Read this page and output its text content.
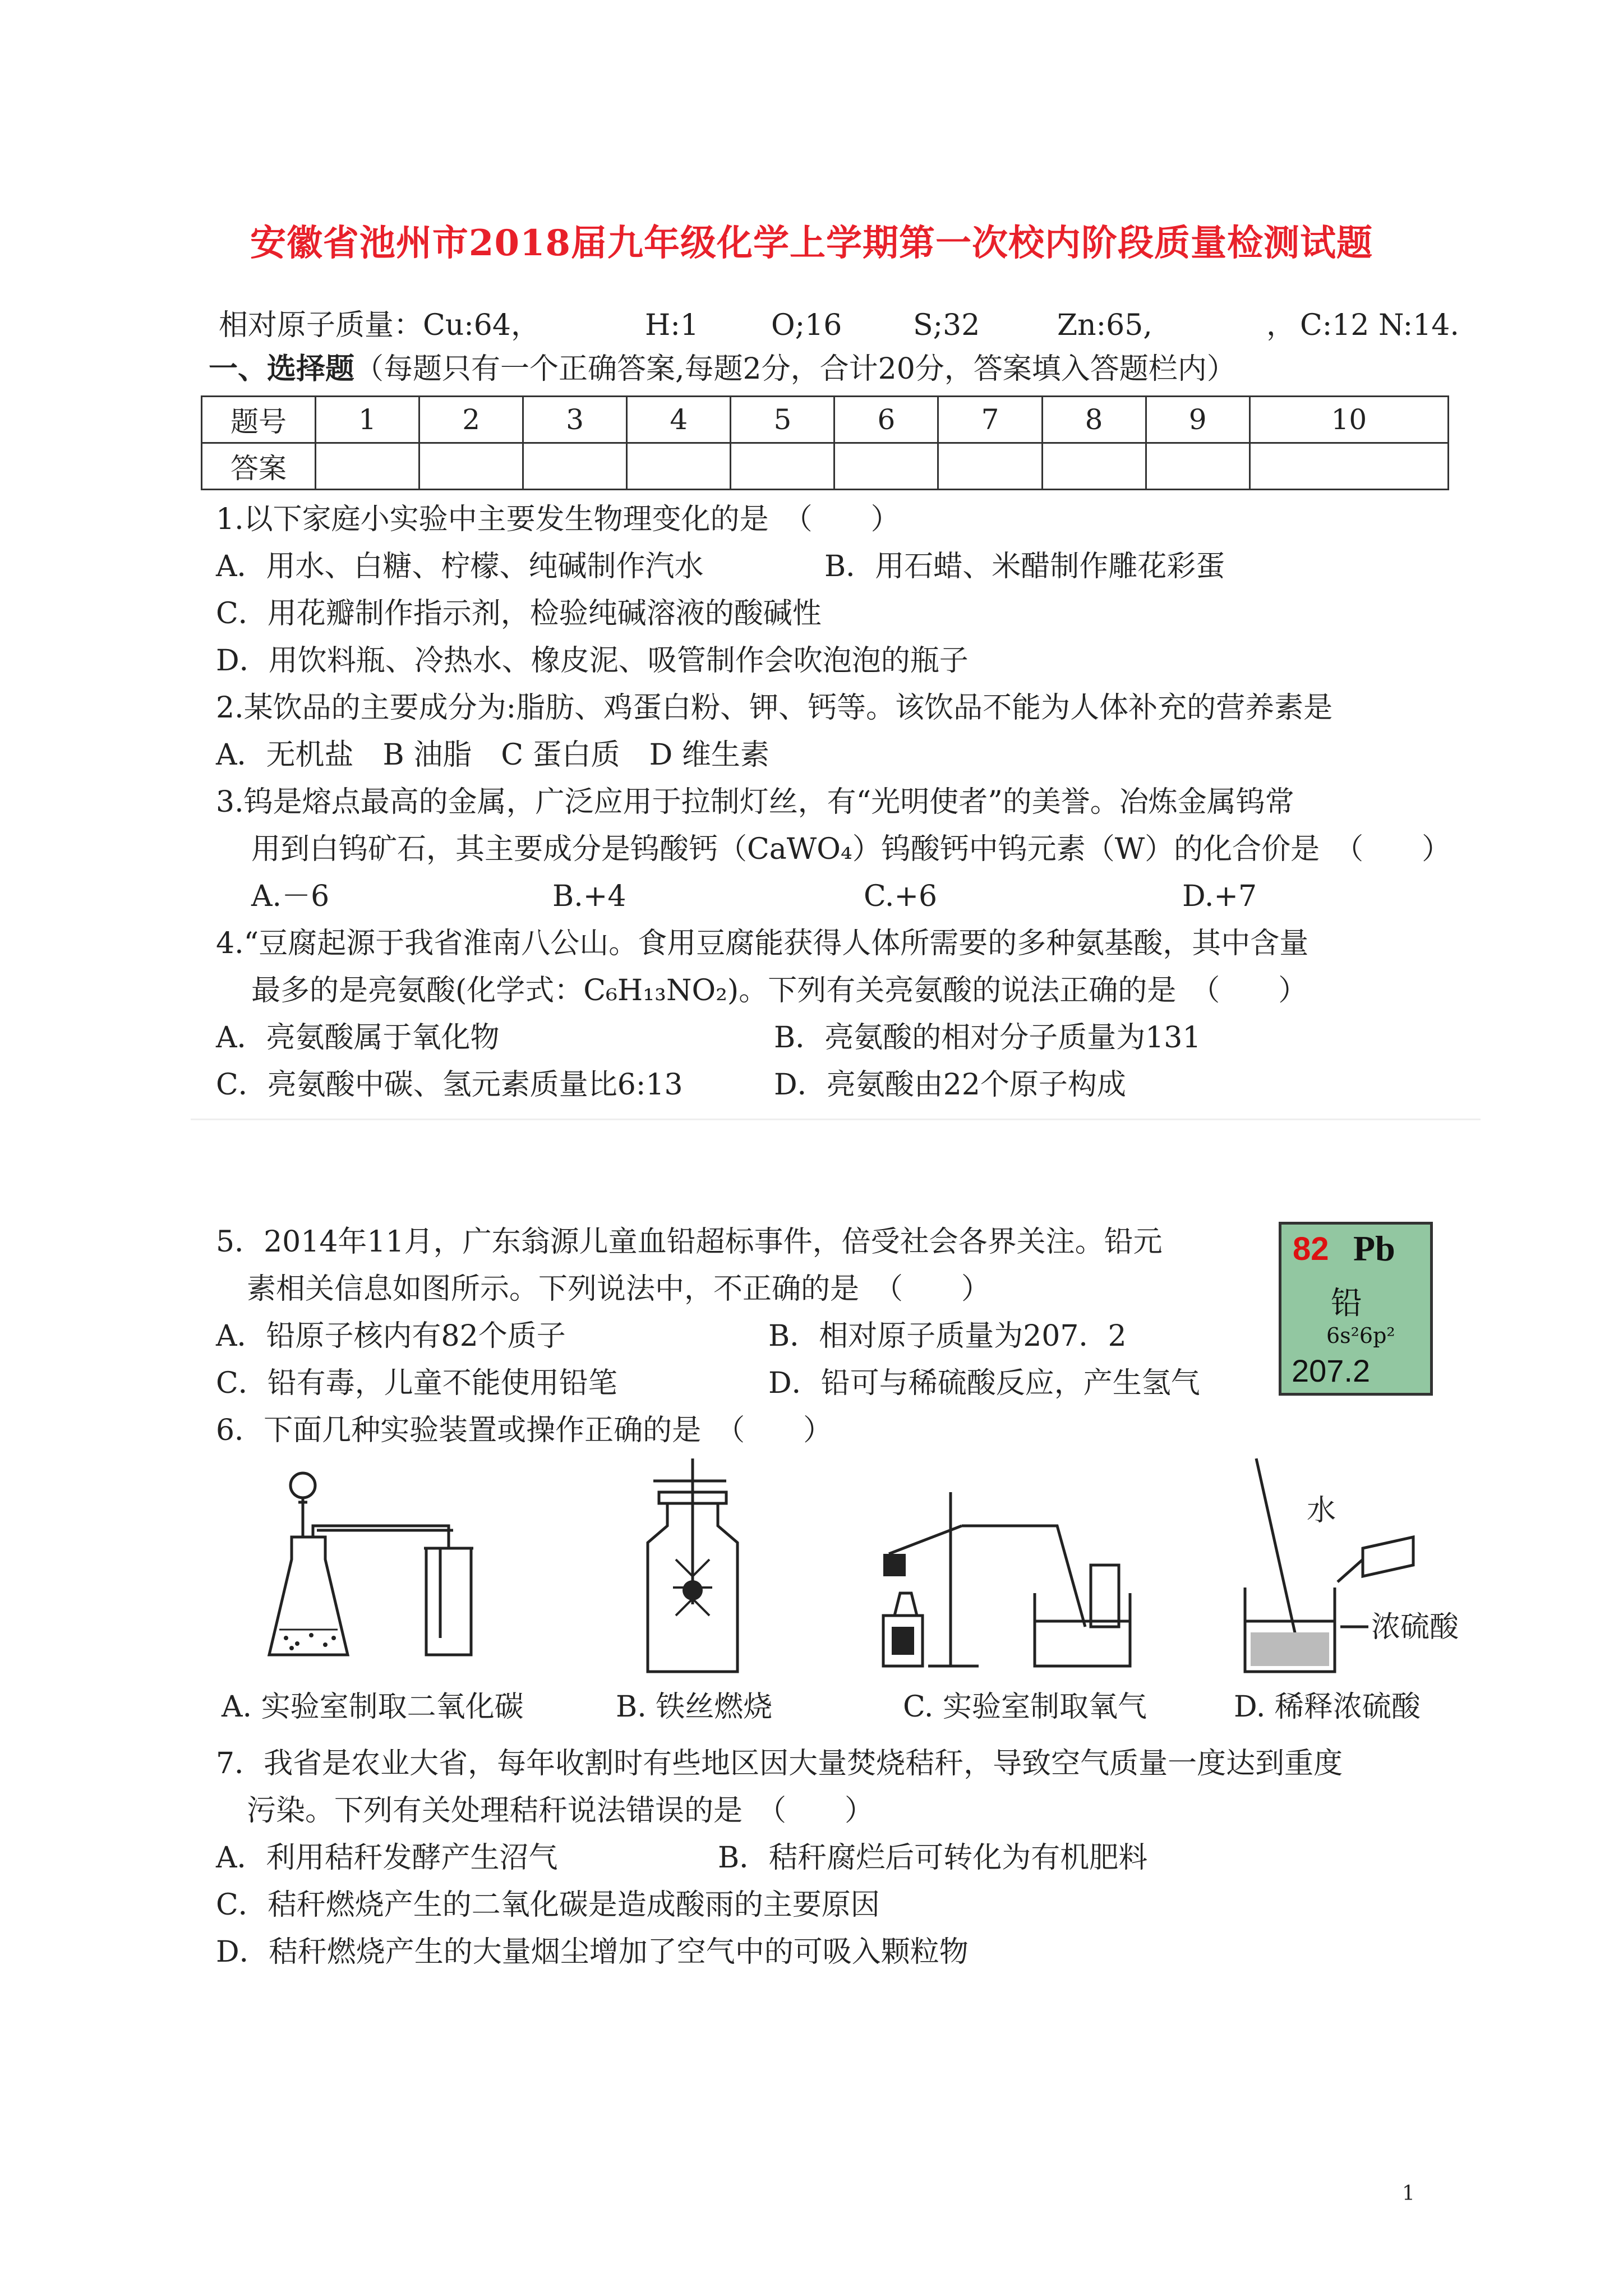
安徽省池州市2018届九年级化学上学期第一次校内阶段质量检测试题
相对原子质量：Cu:64，	H:1 O;16 S;32	Zn:65,	， C:12 N:14.
一、选择题（每题只有一个正确答案,每题2分，合计20分，答案填入答题栏内）
题号	1	2	3	4	5	6	7	8	9	10
答案										
1.以下家庭小实验中主要发生物理变化的是　（　　）
A．用水、白糖、柠檬、纯碱制作汽水	B．用石蜡、米醋制作雕花彩蛋
C．用花瓣制作指示剂，检验纯碱溶液的酸碱性
D．用饮料瓶、冷热水、橡皮泥、吸管制作会吹泡泡的瓶子
2.某饮品的主要成分为:脂肪、鸡蛋白粉、钾、钙等。该饮品不能为人体补充的营养素是
A．无机盐　B 油脂　C 蛋白质　D 维生素
3.钨是熔点最高的金属，广泛应用于拉制灯丝，有“光明使者”的美誉。冶炼金属钨常
用到白钨矿石，其主要成分是钨酸钙（CaWO₄）钨酸钙中钨元素（W）的化合价是　（　　）
A.－6	B.+4	C.+6	D.+7
4.“豆腐起源于我省淮南八公山。食用豆腐能获得人体所需要的多种氨基酸，其中含量
最多的是亮氨酸(化学式：C₆H₁₃NO₂)。下列有关亮氨酸的说法正确的是　（　　）
A．亮氨酸属于氧化物	B．亮氨酸的相对分子质量为131
C．亮氨酸中碳、氢元素质量比6:13	D．亮氨酸由22个原子构成
5．2014年11月，广东翁源儿童血铅超标事件，倍受社会各界关注。铅元
素相关信息如图所示。下列说法中，不正确的是　（　　）
A．铅原子核内有82个质子	B．相对原子质量为207．2
C．铅有毒，儿童不能使用铅笔	D．铅可与稀硫酸反应，产生氢气
82 Pb
铅
6s²6p²
207.2
6．下面几种实验装置或操作正确的是　（　　）
水
浓硫酸
A. 实验室制取二氧化碳	B. 铁丝燃烧	C. 实验室制取氧气	D. 稀释浓硫酸
7．我省是农业大省，每年收割时有些地区因大量焚烧秸秆，导致空气质量一度达到重度
污染。下列有关处理秸秆说法错误的是　（　　）
A．利用秸秆发酵产生沼气	B．秸秆腐烂后可转化为有机肥料
C．秸秆燃烧产生的二氧化碳是造成酸雨的主要原因
D．秸秆燃烧产生的大量烟尘增加了空气中的可吸入颗粒物
1
